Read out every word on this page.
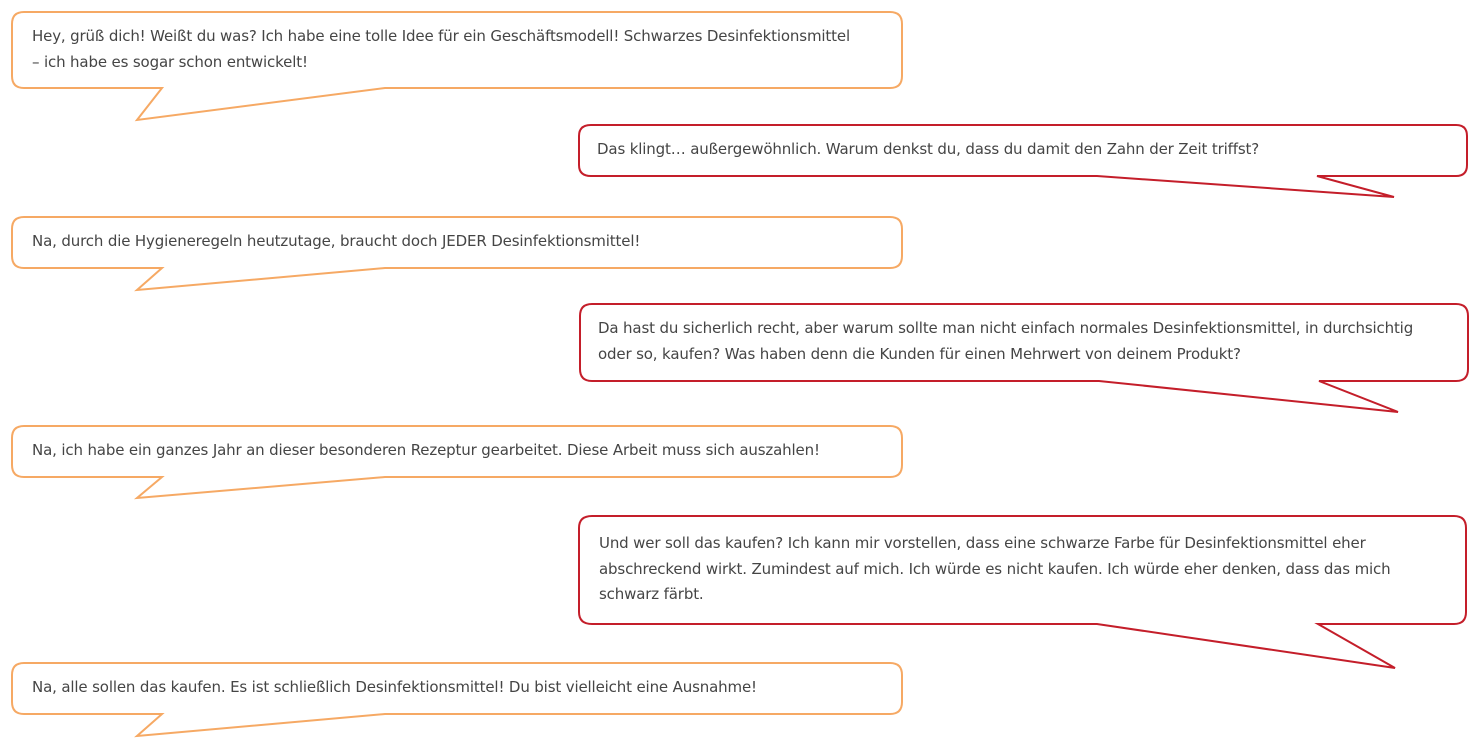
Hey, grüß dich! Weißt du was? Ich habe eine tolle Idee für ein Geschäftsmodell! Schwarzes Desinfektionsmittel – ich habe es sogar schon entwickelt!

Das klingt… außergewöhnlich. Warum denkst du, dass du damit den Zahn der Zeit triffst?

Na, durch die Hygieneregeln heutzutage, braucht doch JEDER Desinfektionsmittel!

Da hast du sicherlich recht, aber warum sollte man nicht einfach normales Desinfektionsmittel, in durchsichtig oder so, kaufen? Was haben denn die Kunden für einen Mehrwert von deinem Produkt?

Na, ich habe ein ganzes Jahr an dieser besonderen Rezeptur gearbeitet. Diese Arbeit muss sich auszahlen!

Und wer soll das kaufen? Ich kann mir vorstellen, dass eine schwarze Farbe für Desinfektionsmittel eher abschreckend wirkt. Zumindest auf mich. Ich würde es nicht kaufen. Ich würde eher denken, dass das mich schwarz färbt.

Na, alle sollen das kaufen. Es ist schließlich Desinfektionsmittel! Du bist vielleicht eine Ausnahme!
